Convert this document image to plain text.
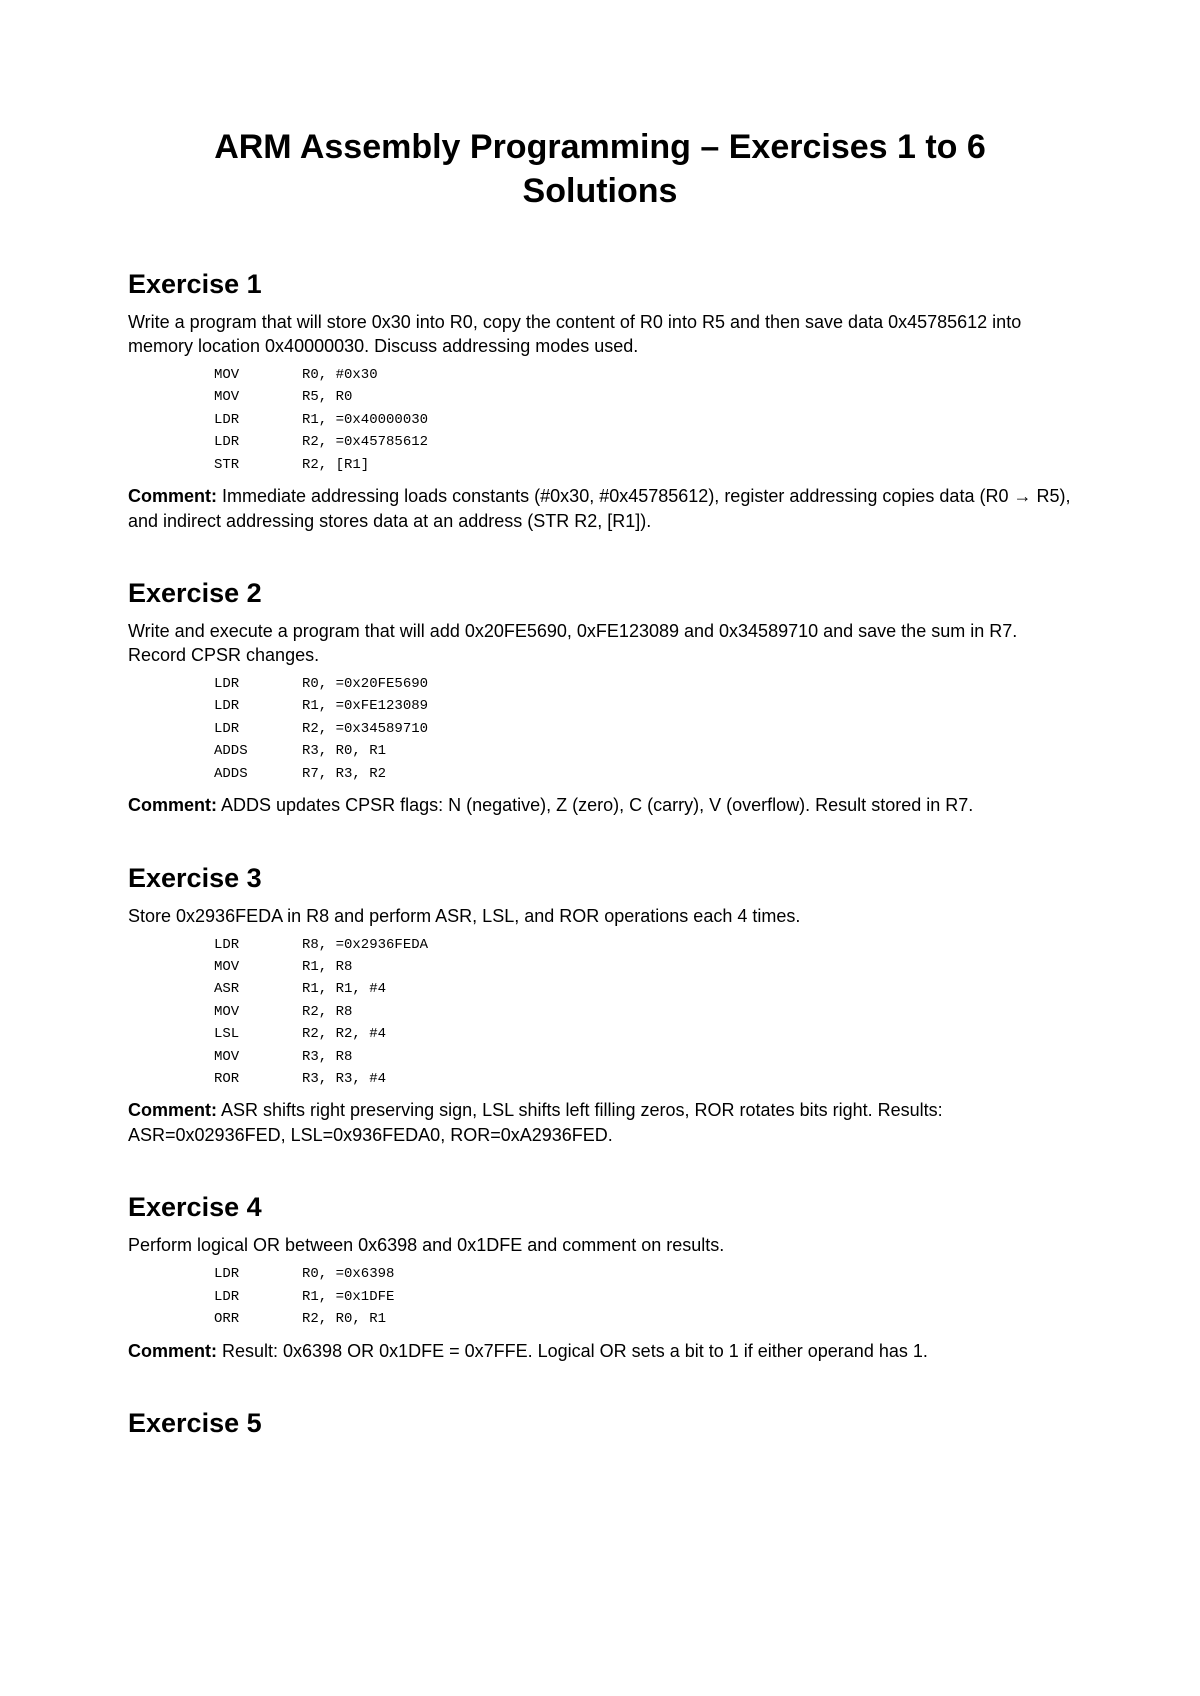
ARM Assembly Programming – Exercises 1 to 6
Solutions
Exercise 1

Write a program that will store 0x30 into R0, copy the content of R0 into R5 and then save data 0x45785612 into memory location 0x40000030. Discuss addressing modes used.

MOV	R0, #0x30
MOV	R5, R0
LDR	R1, =0x40000030
LDR	R2, =0x45785612
STR	R2, [R1]

Comment: Immediate addressing loads constants (#0x30, #0x45785612), register addressing copies data (R0 → R5), and indirect addressing stores data at an address (STR R2, [R1]).

Exercise 2

Write and execute a program that will add 0x20FE5690, 0xFE123089 and 0x34589710 and save the sum in R7. Record CPSR changes.

LDR	R0, =0x20FE5690
LDR	R1, =0xFE123089
LDR	R2, =0x34589710
ADDS	R3, R0, R1
ADDS	R7, R3, R2

Comment: ADDS updates CPSR flags: N (negative), Z (zero), C (carry), V (overflow). Result stored in R7.

Exercise 3

Store 0x2936FEDA in R8 and perform ASR, LSL, and ROR operations each 4 times.

LDR	R8, =0x2936FEDA
MOV	R1, R8
ASR	R1, R1, #4
MOV	R2, R8
LSL	R2, R2, #4
MOV	R3, R8
ROR	R3, R3, #4

Comment: ASR shifts right preserving sign, LSL shifts left filling zeros, ROR rotates bits right. Results: ASR=0x02936FED, LSL=0x936FEDA0, ROR=0xA2936FED.

Exercise 4

Perform logical OR between 0x6398 and 0x1DFE and comment on results.

LDR	R0, =0x6398
LDR	R1, =0x1DFE
ORR	R2, R0, R1

Comment: Result: 0x6398 OR 0x1DFE = 0x7FFE. Logical OR sets a bit to 1 if either operand has 1.

Exercise 5
